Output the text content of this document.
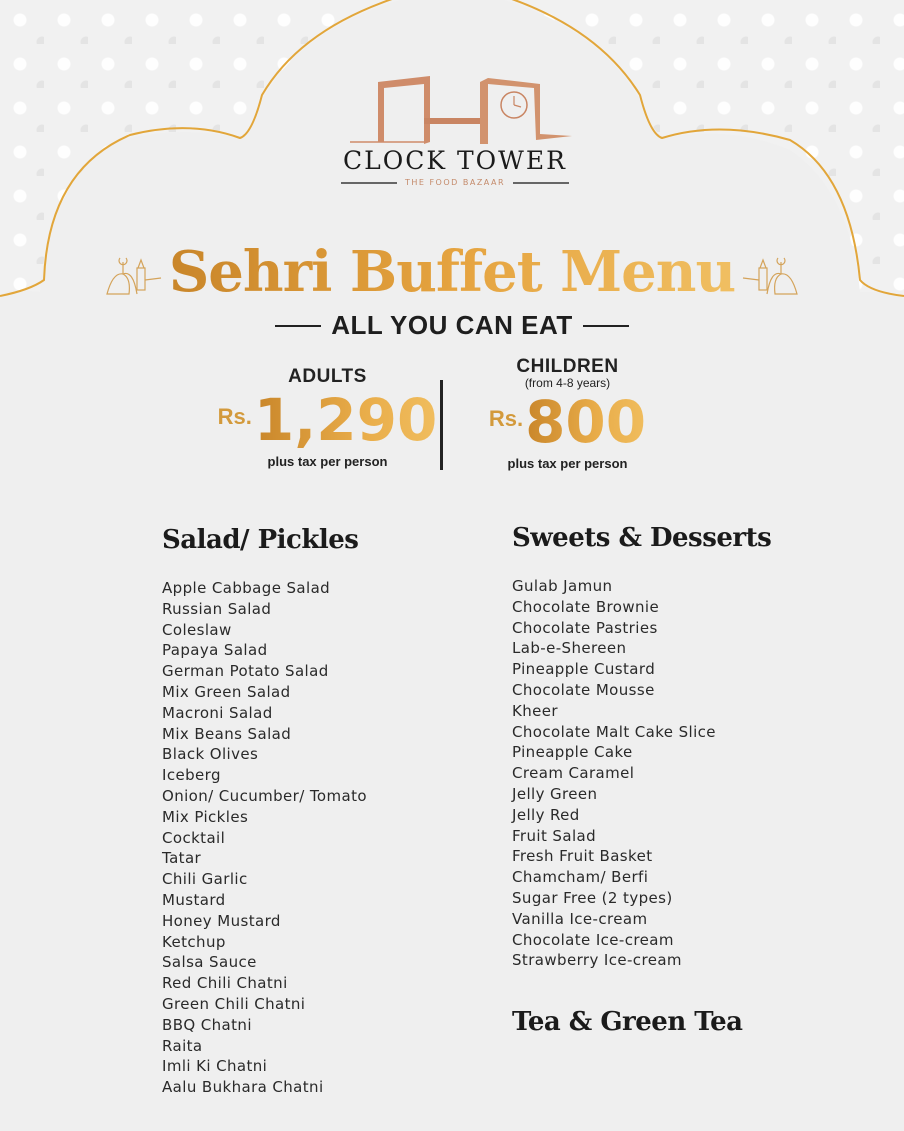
CLOCK TOWER
THE FOOD BAZAAR
Sehri Buffet Menu
ALL YOU CAN EAT
ADULTS
Rs. 1,290
plus tax per person
CHILDREN
(from 4-8 years)
Rs. 800
plus tax per person
Salad/ Pickles
Apple Cabbage Salad
Russian Salad
Coleslaw
Papaya Salad
German Potato Salad
Mix Green Salad
Macroni Salad
Mix Beans Salad
Black Olives
Iceberg
Onion/ Cucumber/ Tomato
Mix Pickles
Cocktail
Tatar
Chili Garlic
Mustard
Honey Mustard
Ketchup
Salsa Sauce
Red Chili Chatni
Green Chili Chatni
BBQ Chatni
Raita
Imli Ki Chatni
Aalu Bukhara Chatni
Sweets & Desserts
Gulab Jamun
Chocolate Brownie
Chocolate Pastries
Lab-e-Shereen
Pineapple Custard
Chocolate Mousse
Kheer
Chocolate Malt Cake Slice
Pineapple Cake
Cream Caramel
Jelly Green
Jelly Red
Fruit Salad
Fresh Fruit Basket
Chamcham/ Berfi
Sugar Free (2 types)
Vanilla Ice-cream
Chocolate Ice-cream
Strawberry Ice-cream
Tea & Green Tea
